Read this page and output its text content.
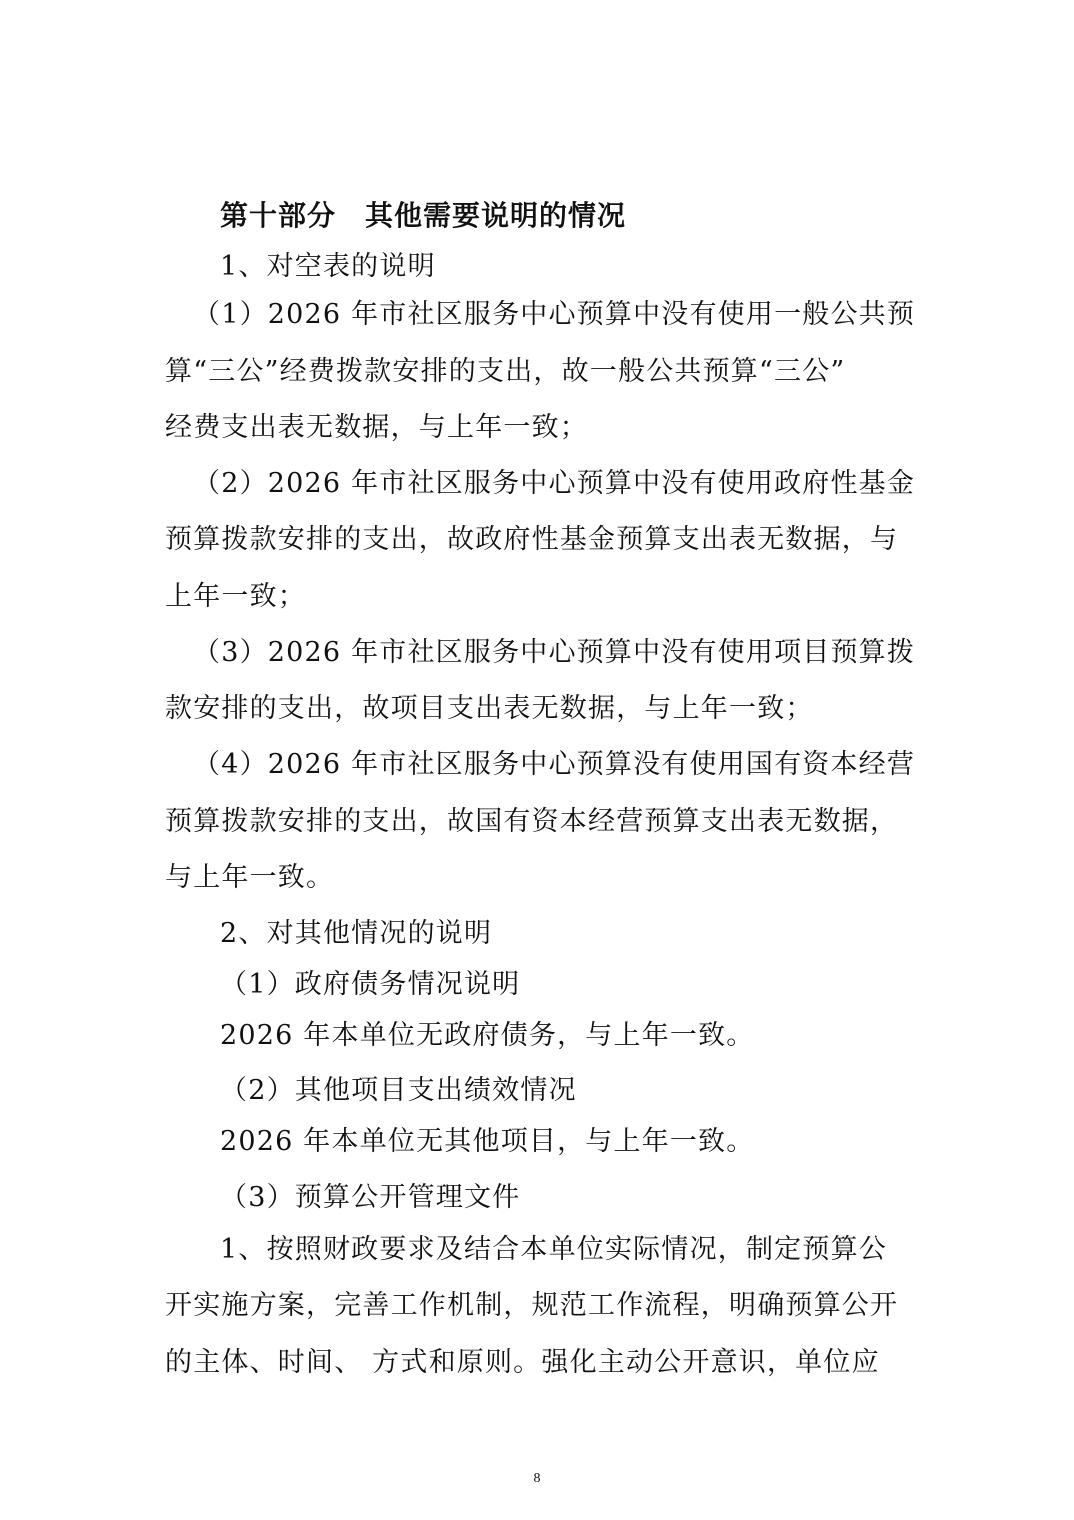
第十部分　其他需要说明的情况
1、对空表的说明
（1）2026 年市社区服务中心预算中没有使用一般公共预
算“三公”经费拨款安排的支出，故一般公共预算“三公”
经费支出表无数据，与上年一致；
（2）2026 年市社区服务中心预算中没有使用政府性基金
预算拨款安排的支出，故政府性基金预算支出表无数据，与
上年一致；
（3）2026 年市社区服务中心预算中没有使用项目预算拨
款安排的支出，故项目支出表无数据，与上年一致；
（4）2026 年市社区服务中心预算没有使用国有资本经营
预算拨款安排的支出，故国有资本经营预算支出表无数据，
与上年一致。
2、对其他情况的说明
（1）政府债务情况说明
2026 年本单位无政府债务，与上年一致。
（2）其他项目支出绩效情况
2026 年本单位无其他项目，与上年一致。
（3）预算公开管理文件
1、按照财政要求及结合本单位实际情况，制定预算公
开实施方案，完善工作机制，规范工作流程，明确预算公开
的主体、时间、 方式和原则。强化主动公开意识，单位应
8
